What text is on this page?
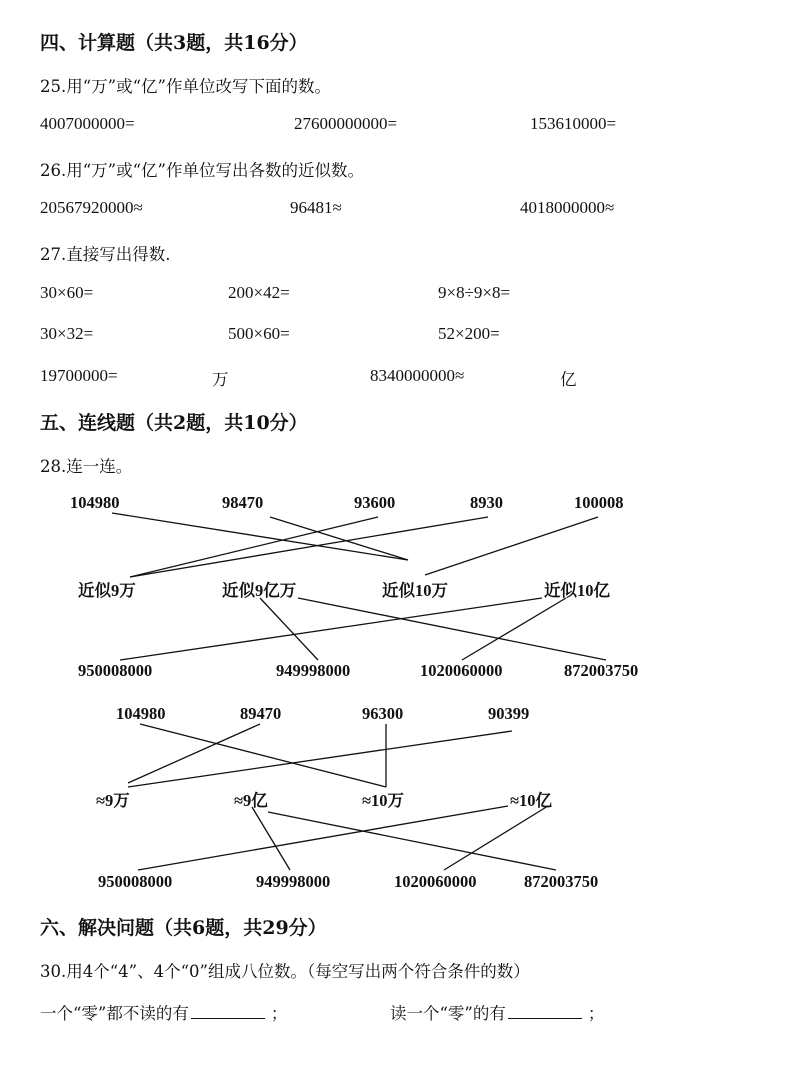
四、计算题（共3题，共16分）
25.用“万”或“亿”作单位改写下面的数。
4007000000=	27600000000=	153610000=
26.用“万”或“亿”作单位写出各数的近似数。
20567920000≈	96481≈	4018000000≈
27.直接写出得数.
30×60=	200×42=	9×8÷9×8=
30×32=	500×60=	52×200=
19700000=	万	8340000000≈	亿
五、连线题（共2题，共10分）
28.连一连。
104980	98470	93600	8930	100008
近似9万	近似9亿万	近似10万	近似10亿
950008000	949998000	1020060000	872003750
104980	89470	96300	90399
≈9万	≈9亿	≈10万	≈10亿
950008000	949998000	1020060000	872003750
六、解决问题（共6题，共29分）
30.用4个“4”、4个“0”组成八位数。（每空写出两个符合条件的数）
一个“零”都不读的有	；	读一个“零”的有	；
